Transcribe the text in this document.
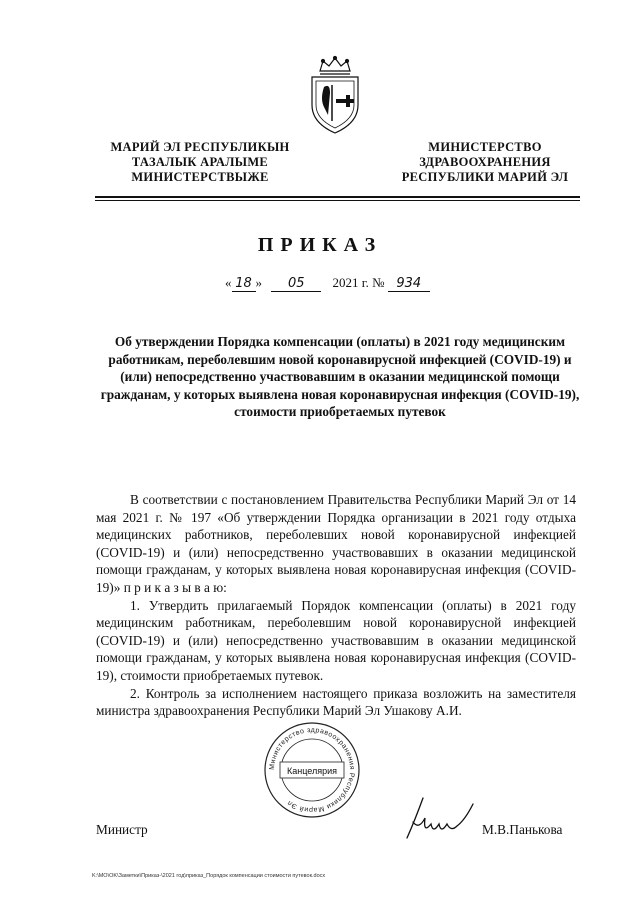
МАРИЙ ЭЛ РЕСПУБЛИКЫН
ТАЗАЛЫК АРАЛЫМЕ
МИНИСТЕРСТВЫЖЕ
МИНИСТЕРСТВО
ЗДРАВООХРАНЕНИЯ
РЕСПУБЛИКИ МАРИЙ ЭЛ
ПРИКАЗ
« 18 » 05 2021 г. № 934
Об утверждении Порядка компенсации (оплаты) в 2021 году медицинским работникам, переболевшим новой коронавирусной инфекцией (COVID-19) и (или) непосредственно участвовавшим в оказании медицинской помощи гражданам, у которых выявлена новая коронавирусная инфекция (COVID-19), стоимости приобретаемых путевок

В соответствии с постановлением Правительства Республики Марий Эл от 14 мая 2021 г. № 197 «Об утверждении Порядка организации в 2021 году отдыха медицинских работников, переболевших новой коронавирусной инфекцией (COVID-19) и (или) непосредственно участвовавших в оказании медицинской помощи гражданам, у которых выявлена новая коронавирусная инфекция (COVID-19)» п р и к а з ы в а ю:

1. Утвердить прилагаемый Порядок компенсации (оплаты) в 2021 году медицинским работникам, переболевшим новой коронавирусной инфекцией (COVID-19) и (или) непосредственно участвовавшим в оказании медицинской помощи гражданам, у которых выявлена новая коронавирусная инфекция (COVID-19), стоимости приобретаемых путевок.

2. Контроль за исполнением настоящего приказа возложить на заместителя министра здравоохранения Республики Марий Эл Ушакову А.И.

Канцелярия
Министерство здравоохранения Республики Марий Эл
Министр	М.В.Панькова
K:\MO\OK\Заметки\Приказ-\2021 год\приказ_Порядок компенсации стоимости путевок.docx
